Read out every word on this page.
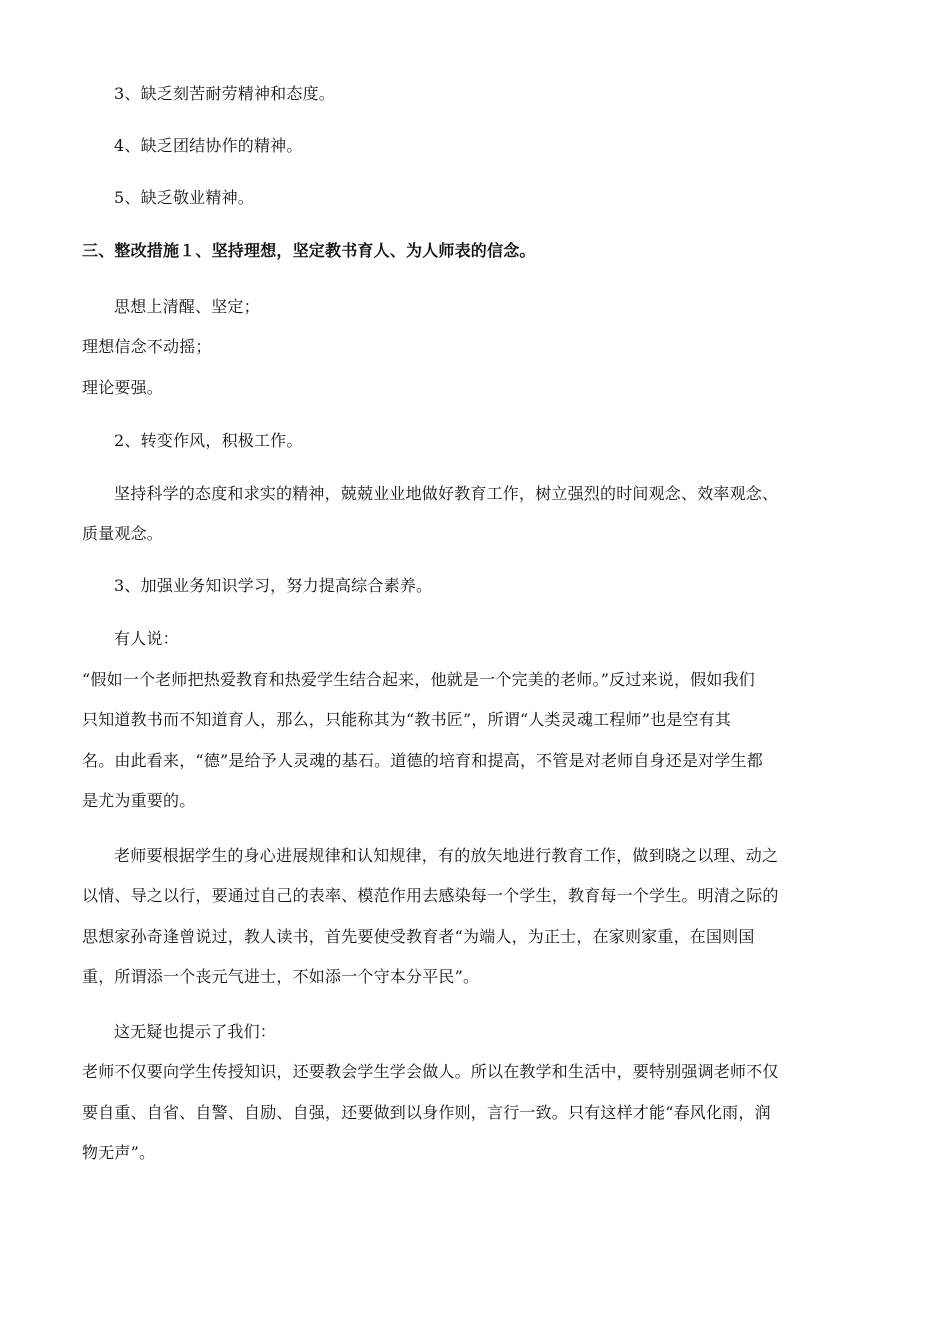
3、缺乏刻苦耐劳精神和态度。
4、缺乏团结协作的精神。
5、缺乏敬业精神。
三、整改措施１、坚持理想，坚定教书育人、为人师表的信念。
思想上清醒、坚定；
理想信念不动摇；
理论要强。
2、转变作风，积极工作。
坚持科学的态度和求实的精神，兢兢业业地做好教育工作，树立强烈的时间观念、效率观念、
质量观念。
3、加强业务知识学习，努力提高综合素养。
有人说：
“假如一个老师把热爱教育和热爱学生结合起来，他就是一个完美的老师。”反过来说，假如我们
只知道教书而不知道育人，那么，只能称其为“教书匠”，所谓“人类灵魂工程师”也是空有其
名。由此看来，“德”是给予人灵魂的基石。道德的培育和提高，不管是对老师自身还是对学生都
是尤为重要的。
老师要根据学生的身心进展规律和认知规律，有的放矢地进行教育工作，做到晓之以理、动之
以情、导之以行，要通过自己的表率、模范作用去感染每一个学生，教育每一个学生。明清之际的
思想家孙奇逢曾说过，教人读书，首先要使受教育者“为端人，为正士，在家则家重，在国则国
重，所谓添一个丧元气进士，不如添一个守本分平民”。
这无疑也提示了我们：
老师不仅要向学生传授知识，还要教会学生学会做人。所以在教学和生活中，要特别强调老师不仅
要自重、自省、自警、自励、自强，还要做到以身作则，言行一致。只有这样才能“春风化雨，润
物无声”。
